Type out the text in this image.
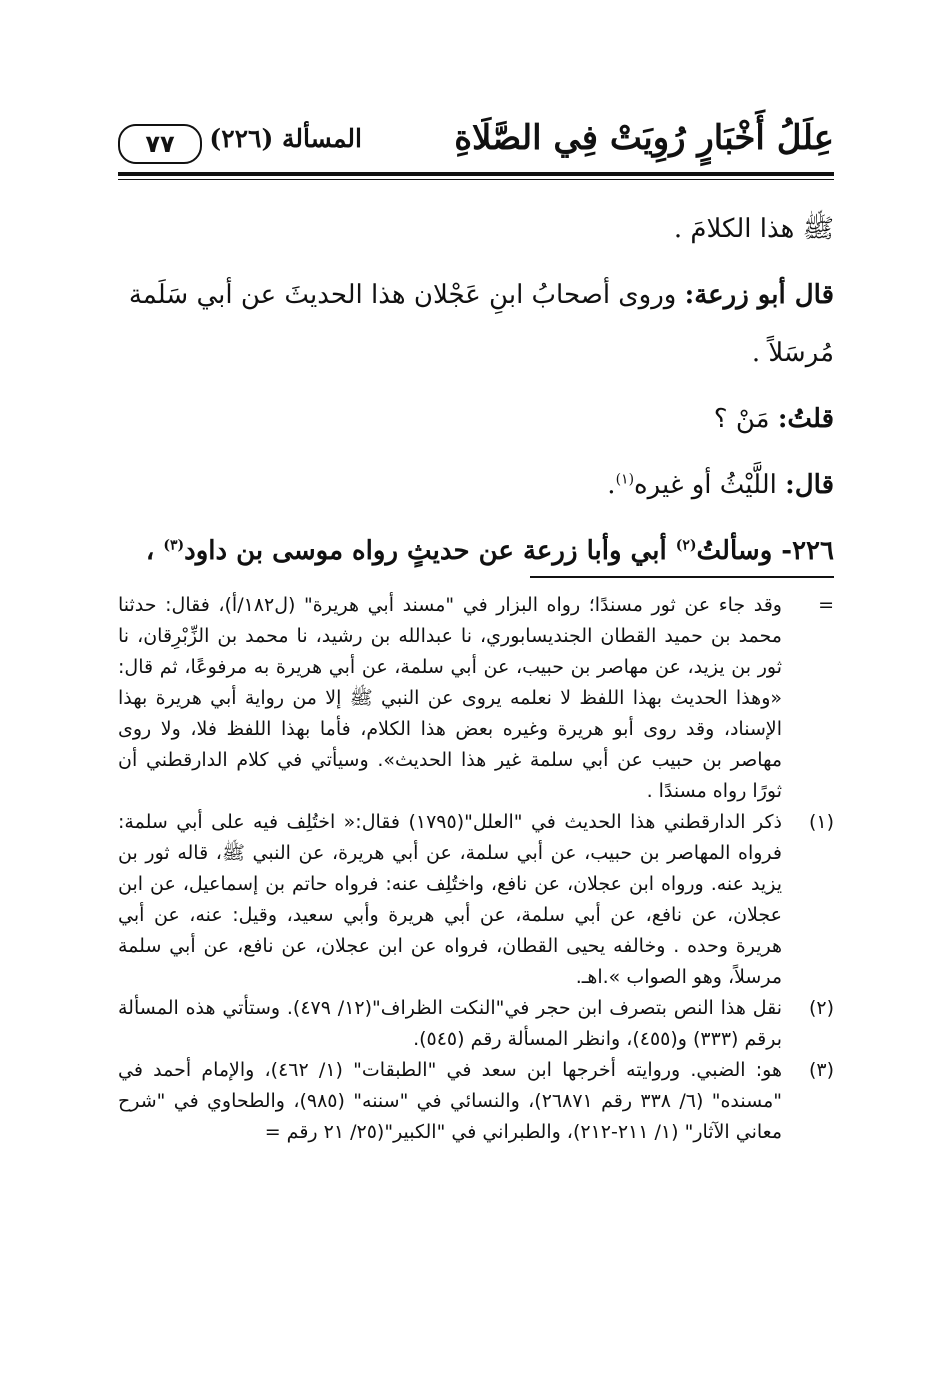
عِلَلُ أَخْبَارٍ رُوِيَتْ فِي الصَّلَاةِ
المسألة (٢٢٦)
٧٧

ﷺ هذا الكلامَ .

قال أبو زرعة: وروى أصحابُ ابنِ عَجْلان هذا الحديثَ عن أبي سَلَمة مُرسَلاً .

قلتُ: مَنْ ؟

قال: اللَّيْثُ أو غيره$^{(١)}$.

٢٢٦- وسألتُ$^{(٢)}$ أبي وأبا زرعة عن حديثٍ رواه موسى بن داود$^{(٣)}$ ،

=
وقد جاء عن ثور مسندًا؛ رواه البزار في "مسند أبي هريرة" (ل١٨٢/أ)، فقال: حدثنا محمد بن حميد القطان الجنديسابوري، نا عبدالله بن رشيد، نا محمد بن الزِّبْرِقان، نا ثور بن يزيد، عن مهاصر بن حبيب، عن أبي سلمة، عن أبي هريرة به مرفوعًا، ثم قال: «وهذا الحديث بهذا اللفظ لا نعلمه يروى عن النبي ﷺ إلا من رواية أبي هريرة بهذا الإسناد، وقد روى أبو هريرة وغيره بعض هذا الكلام، فأما بهذا اللفظ فلا، ولا روى مهاصر بن حبيب عن أبي سلمة غير هذا الحديث». وسيأتي في كلام الدارقطني أن ثورًا رواه مسندًا .

(١)
ذكر الدارقطني هذا الحديث في "العلل"(١٧٩٥) فقال:« اختُلِف فيه على أبي سلمة: فرواه المهاصر بن حبيب، عن أبي سلمة، عن أبي هريرة، عن النبي ﷺ، قاله ثور بن يزيد عنه. ورواه ابن عجلان، عن نافع، واختُلِف عنه: فرواه حاتم بن إسماعيل، عن ابن عجلان، عن نافع، عن أبي سلمة، عن أبي هريرة وأبي سعيد، وقيل: عنه، عن أبي هريرة وحده . وخالفه يحيى القطان، فرواه عن ابن عجلان، عن نافع، عن أبي سلمة مرسلاً، وهو الصواب ».اهـ.

(٢)
نقل هذا النص بتصرف ابن حجر في"النكت الظراف"(١٢/ ٤٧٩). وستأتي هذه المسألة برقم (٣٣٣) و(٤٥٥)، وانظر المسألة رقم (٥٤٥).

(٣)
هو: الضبي. وروايته أخرجها ابن سعد في "الطبقات" (١/ ٤٦٢)، والإمام أحمد في "مسنده" (٦/ ٣٣٨ رقم ٢٦٨٧١)، والنسائي في "سننه" (٩٨٥)، والطحاوي في "شرح معاني الآثار" (١/ ٢١١-٢١٢)، والطبراني في "الكبير"(٢٥/ ٢١ رقم =
